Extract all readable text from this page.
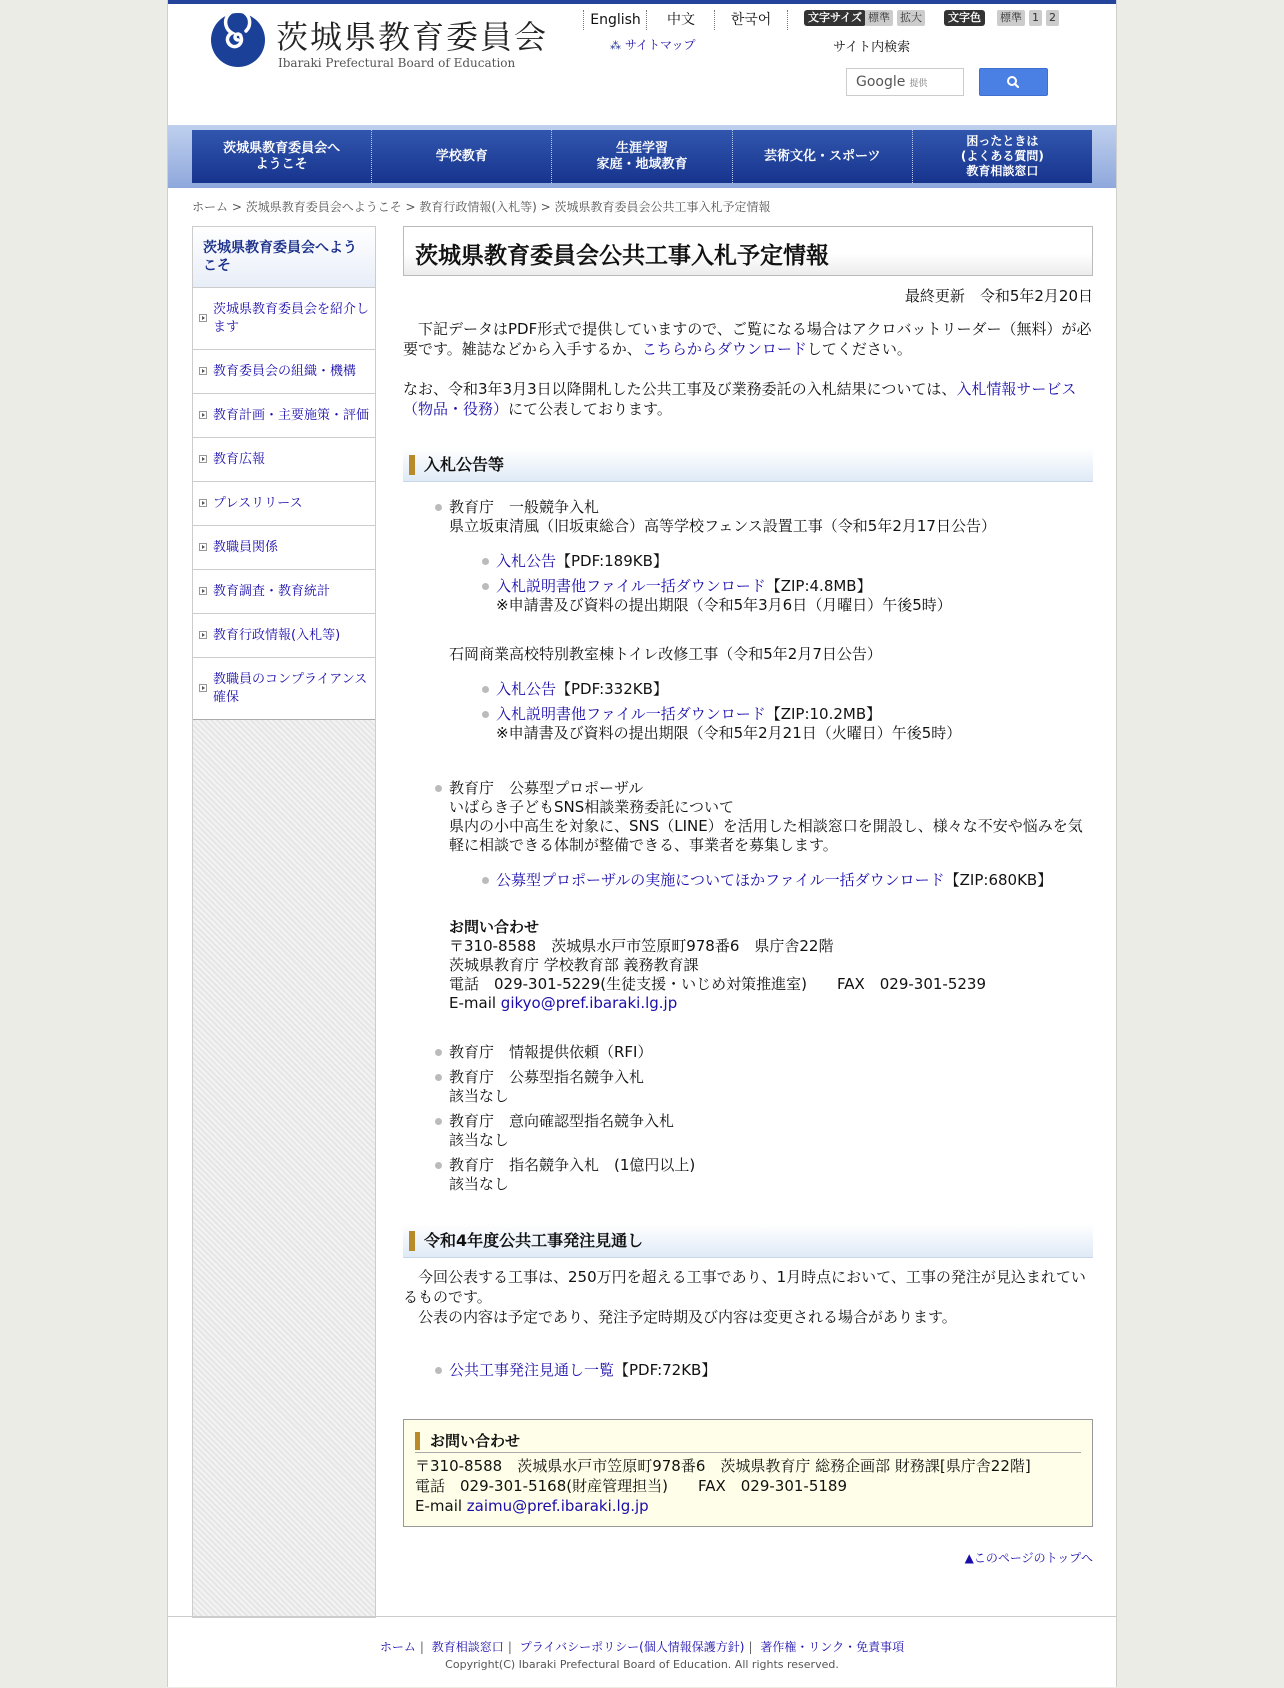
茨城県教育委員会
Ibaraki Prefectural Board of Education
English	中文	한국어	文字サイズ 標準 拡大	文字色	標準 1 2
⁂ サイトマップ	サイト内検索
Google 提供
茨城県教育委員会へ
ようこそ
学校教育
生涯学習
家庭・地域教育
芸術文化・スポーツ
困ったときは
(よくある質問)
教育相談窓口
ホーム > 茨城県教育委員会へようこそ > 教育行政情報(入札等) > 茨城県教育委員会公共工事入札予定情報
茨城県教育委員会へようこそ
茨城県教育委員会を紹介します
教育委員会の組織・機構
教育計画・主要施策・評価
教育広報
プレスリリース
教職員関係
教育調査・教育統計
教育行政情報(入札等)
教職員のコンプライアンス確保
茨城県教育委員会公共工事入札予定情報
最終更新　令和5年2月20日

　下記データはPDF形式で提供していますので、ご覧になる場合はアクロバットリーダー（無料）が必要です。雑誌などから入手するか、こちらからダウンロードしてください。

なお、令和3年3月3日以降開札した公共工事及び業務委託の入札結果については、入札情報サービス（物品・役務）にて公表しております。

入札公告等
教育庁　一般競争入札
県立坂東清風（旧坂東総合）高等学校フェンス設置工事（令和5年2月17日公告）
入札公告【PDF:189KB】
入札説明書他ファイル一括ダウンロード【ZIP:4.8MB】
※申請書及び資料の提出期限（令和5年3月6日（月曜日）午後5時）
石岡商業高校特別教室棟トイレ改修工事（令和5年2月7日公告）
入札公告【PDF:332KB】
入札説明書他ファイル一括ダウンロード【ZIP:10.2MB】
※申請書及び資料の提出期限（令和5年2月21日（火曜日）午後5時）
教育庁　公募型プロポーザル
いばらき子どもSNS相談業務委託について
県内の小中高生を対象に、SNS（LINE）を活用した相談窓口を開設し、様々な不安や悩みを気軽に相談できる体制が整備できる、事業者を募集します。
公募型プロポーザルの実施についてほかファイル一括ダウンロード【ZIP:680KB】
お問い合わせ
〒310-8588　茨城県水戸市笠原町978番6　県庁舎22階
茨城県教育庁 学校教育部 義務教育課
電話　029-301-5229(生徒支援・いじめ対策推進室)　　FAX　029-301-5239
E-mail gikyo@pref.ibaraki.lg.jp
教育庁　情報提供依頼（RFI）
教育庁　公募型指名競争入札
該当なし
教育庁　意向確認型指名競争入札
該当なし
教育庁　指名競争入札　(1億円以上)
該当なし
令和4年度公共工事発注見通し

　今回公表する工事は、250万円を超える工事であり、1月時点において、工事の発注が見込まれているものです。

　公表の内容は予定であり、発注予定時期及び内容は変更される場合があります。

公共工事発注見通し一覧【PDF:72KB】
お問い合わせ
〒310-8588　茨城県水戸市笠原町978番6　茨城県教育庁 総務企画部 財務課[県庁舎22階]
電話　029-301-5168(財産管理担当)　　FAX　029-301-5189
E-mail zaimu@pref.ibaraki.lg.jp
▲このページのトップへ
ホーム | 教育相談窓口 | プライバシーポリシー(個人情報保護方針) | 著作権・リンク・免責事項
Copyright(C) Ibaraki Prefectural Board of Education. All rights reserved.
